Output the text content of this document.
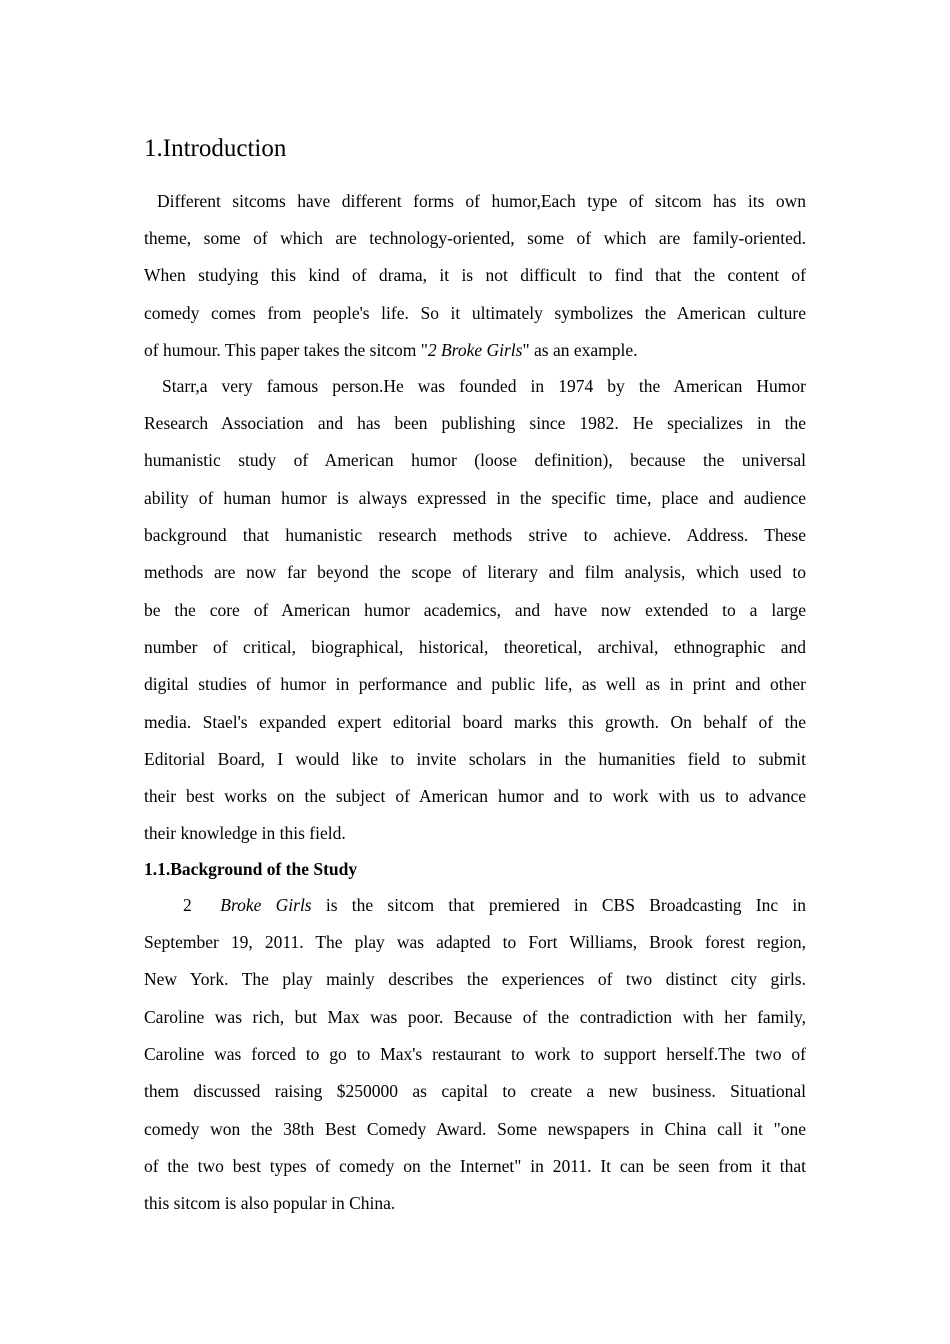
1.Introduction
Different sitcoms have different forms of humor,Each type of sitcom has its own
theme, some of which are technology-oriented, some of which are family-oriented.
When studying this kind of drama, it is not difficult to find that the content of
comedy comes from people's life. So it ultimately symbolizes the American culture
of humour. This paper takes the sitcom "2 Broke Girls" as an example.
Starr,a very famous person.He was founded in 1974 by the American Humor
Research Association and has been publishing since 1982. He specializes in the
humanistic study of American humor (loose definition), because the universal
ability of human humor is always expressed in the specific time, place and audience
background that humanistic research methods strive to achieve. Address. These
methods are now far beyond the scope of literary and film analysis, which used to
be the core of American humor academics, and have now extended to a large
number of critical, biographical, historical, theoretical, archival, ethnographic and
digital studies of humor in performance and public life, as well as in print and other
media. Stael's expanded expert editorial board marks this growth. On behalf of the
Editorial Board, I would like to invite scholars in the humanities field to submit
their best works on the subject of American humor and to work with us to advance
their knowledge in this field.
1.1.Background of the Study
2 Broke Girls is the sitcom that premiered in CBS Broadcasting Inc in
September 19, 2011. The play was adapted to Fort Williams, Brook forest region,
New York. The play mainly describes the experiences of two distinct city girls.
Caroline was rich, but Max was poor. Because of the contradiction with her family,
Caroline was forced to go to Max's restaurant to work to support herself.The two of
them discussed raising $250000 as capital to create a new business. Situational
comedy won the 38th Best Comedy Award. Some newspapers in China call it "one
of the two best types of comedy on the Internet" in 2011. It can be seen from it that
this sitcom is also popular in China.
